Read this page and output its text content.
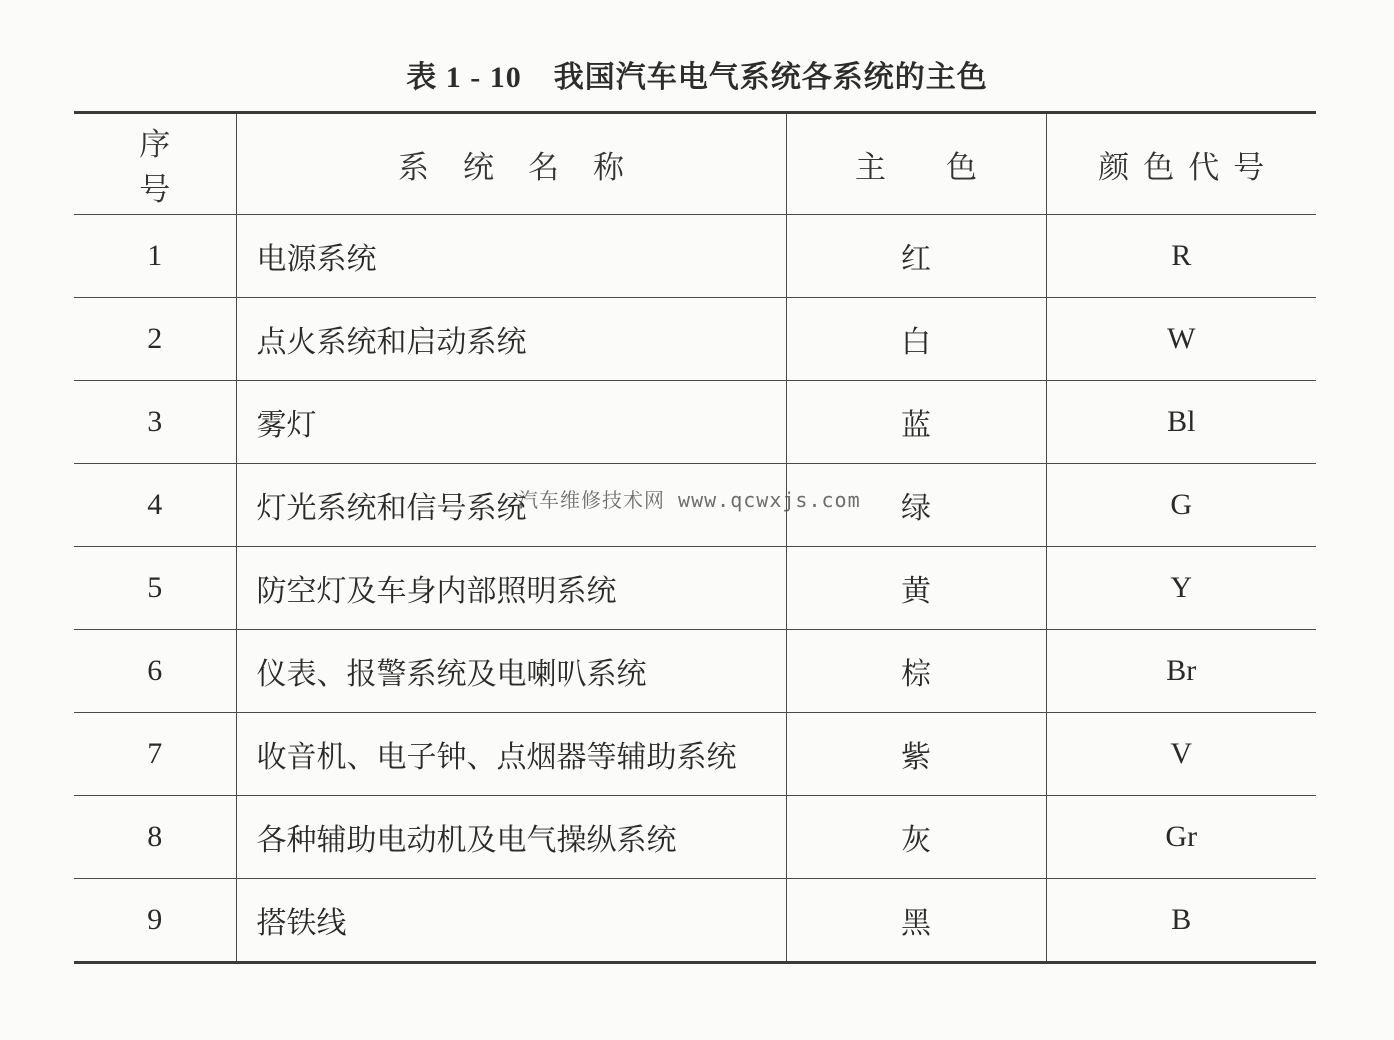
表 1 - 10 我国汽车电气系统各系统的主色
序号	系统名称	主色	颜色代号
1	电源系统	红	R
2	点火系统和启动系统	白	W
3	雾灯	蓝	Bl
4	灯光系统和信号系统	绿	G
5	防空灯及车身内部照明系统	黄	Y
6	仪表、报警系统及电喇叭系统	棕	Br
7	收音机、电子钟、点烟器等辅助系统	紫	V
8	各种辅助电动机及电气操纵系统	灰	Gr
9	搭铁线	黑	B
汽车维修技术网 www.qcwxjs.com
